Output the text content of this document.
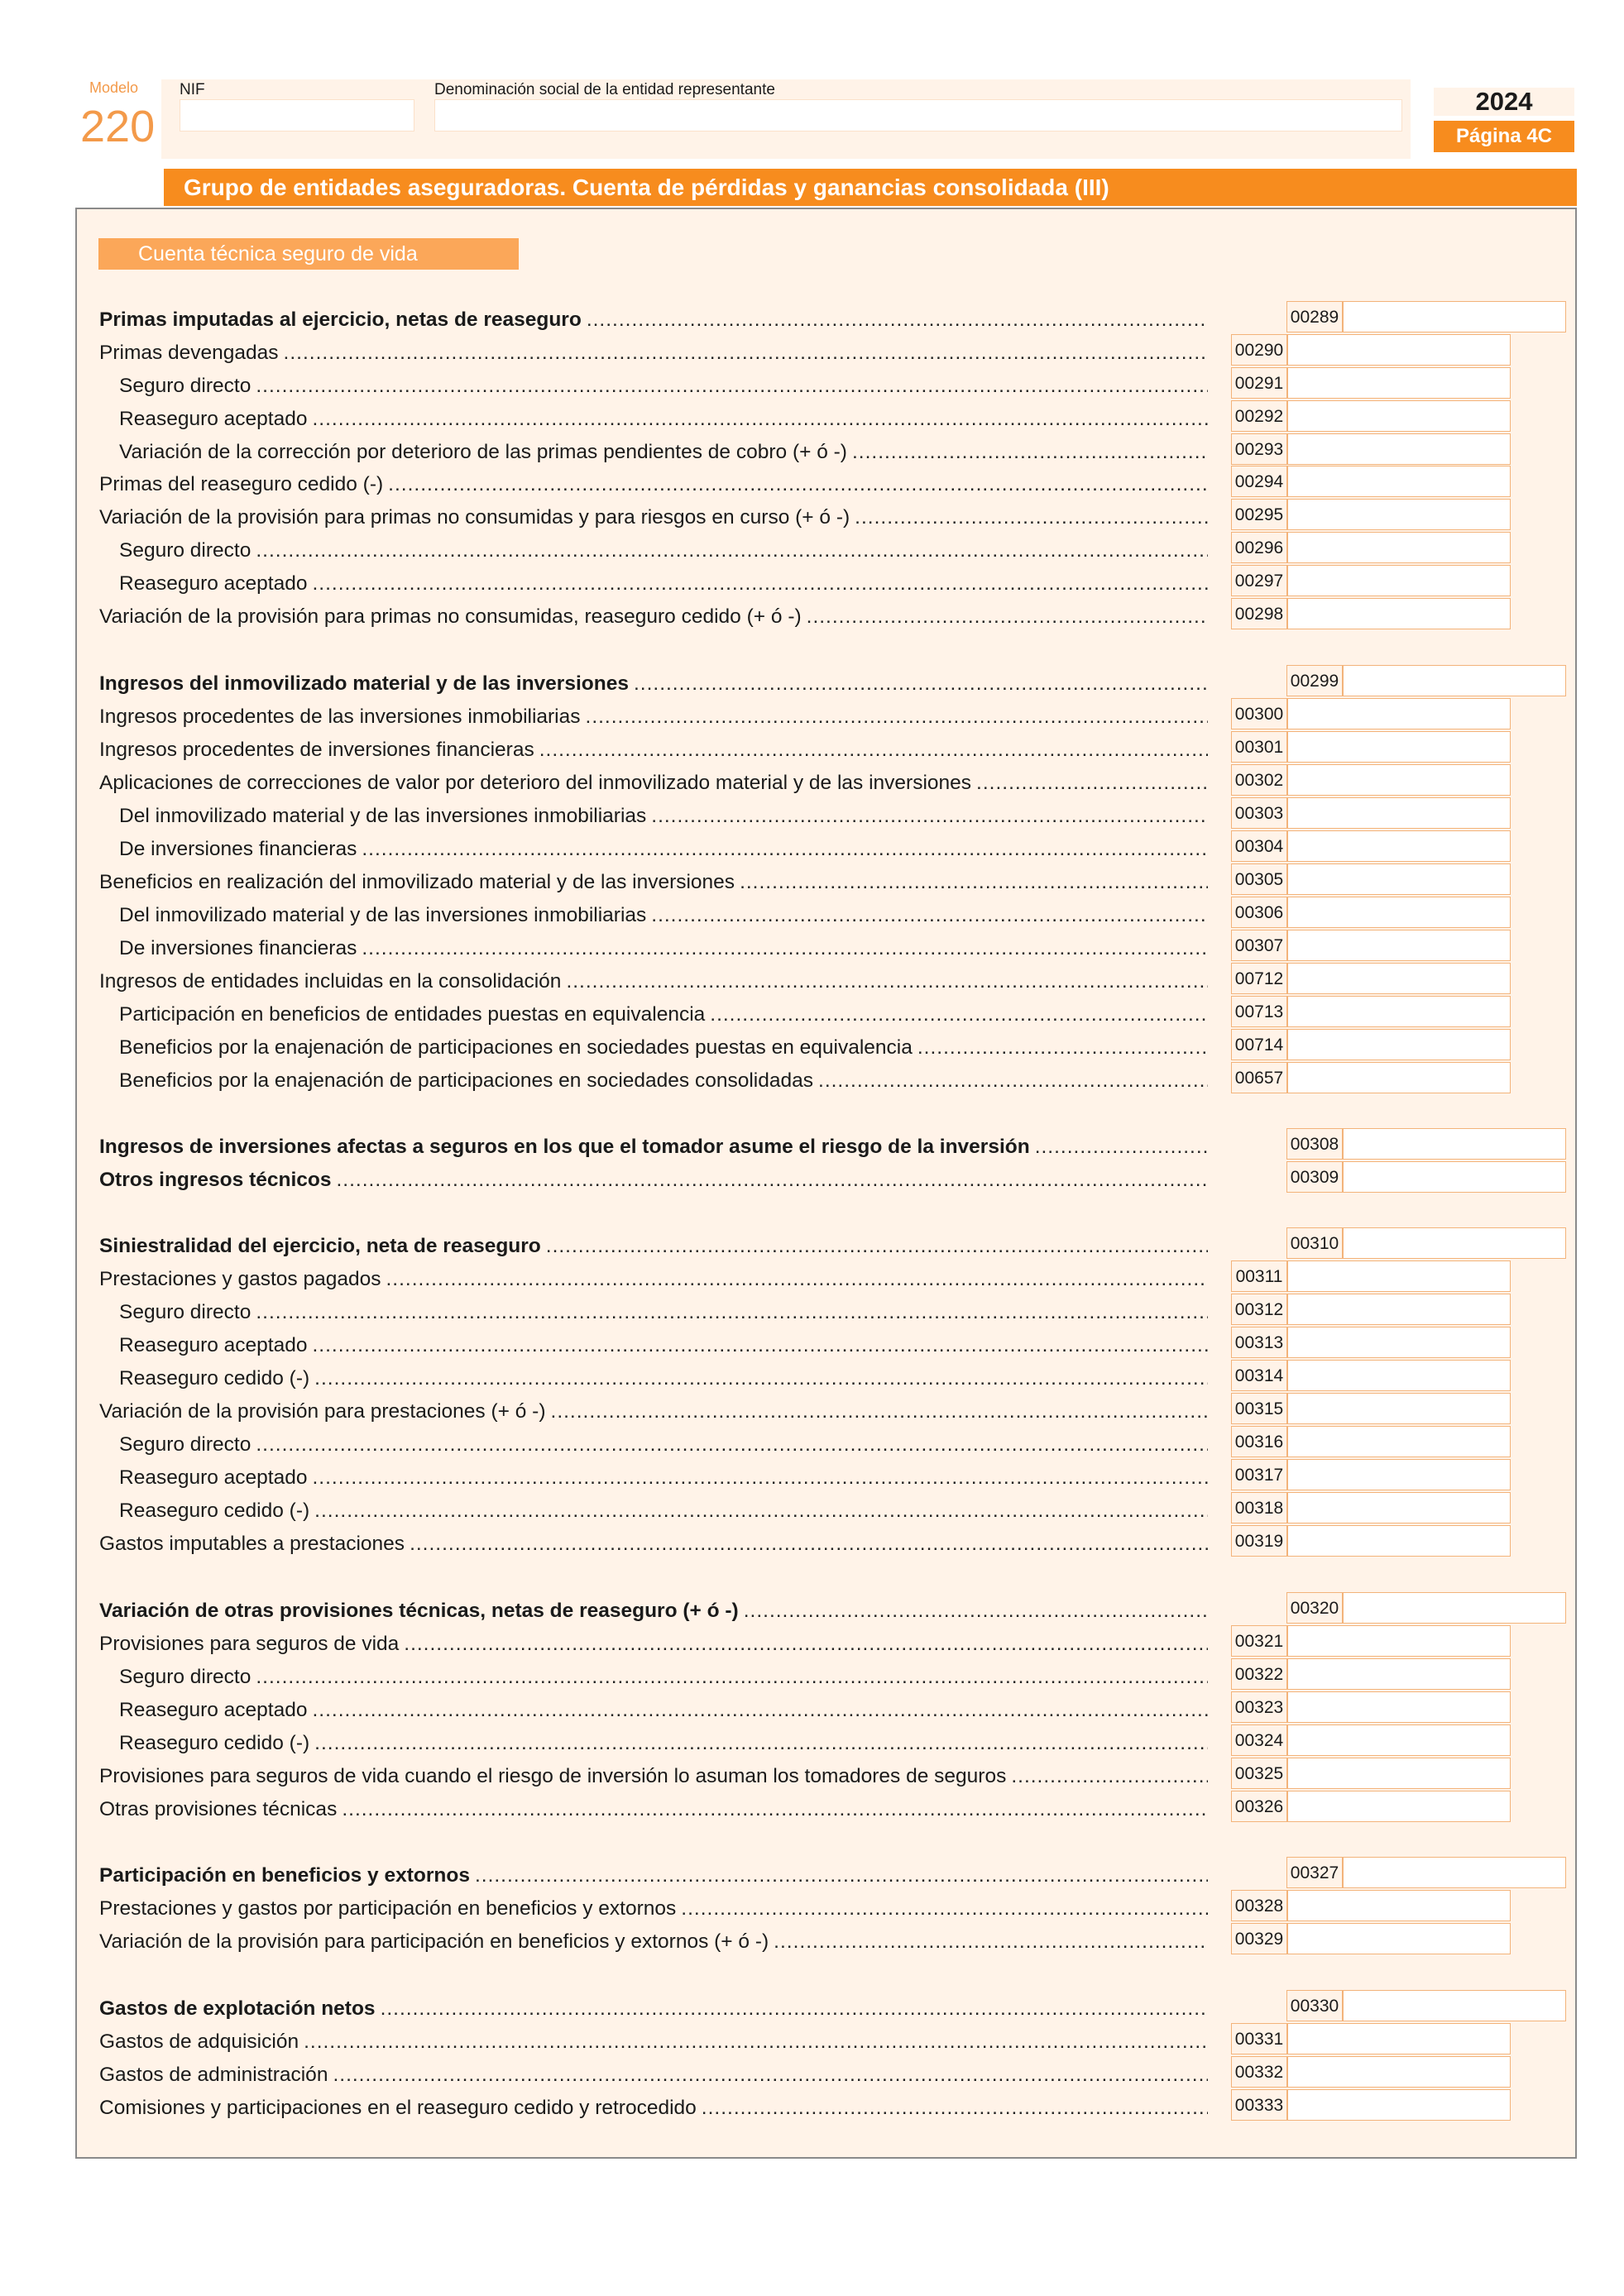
Modelo
220
NIF	Denominación social de la entidad representante	2024
Página 4C
Grupo de entidades aseguradoras. Cuenta de pérdidas y ganancias consolidada (III)
Cuenta técnica seguro de vida
Primas imputadas al ejercicio, netas de reaseguro .....	00289
Primas devengadas .....	00290
Seguro directo .....	00291
Reaseguro aceptado .....	00292
Variación de la corrección por deterioro de las primas pendientes de cobro (+ ó -) .....	00293
Primas del reaseguro cedido (-) .....	00294
Variación de la provisión para primas no consumidas y para riesgos en curso (+ ó -) .....	00295
Seguro directo .....	00296
Reaseguro aceptado .....	00297
Variación de la provisión para primas no consumidas, reaseguro cedido (+ ó -) .....	00298
Ingresos del inmovilizado material y de las inversiones .....	00299
Ingresos procedentes de las inversiones inmobiliarias .....	00300
Ingresos procedentes de inversiones financieras .....	00301
Aplicaciones de correcciones de valor por deterioro del inmovilizado material y de las inversiones .....	00302
Del inmovilizado material y de las inversiones inmobiliarias .....	00303
De inversiones financieras .....	00304
Beneficios en realización del inmovilizado material y de las inversiones .....	00305
Del inmovilizado material y de las inversiones inmobiliarias .....	00306
De inversiones financieras .....	00307
Ingresos de entidades incluidas en la consolidación .....	00712
Participación en beneficios de entidades puestas en equivalencia .....	00713
Beneficios por la enajenación de participaciones en sociedades puestas en equivalencia .....	00714
Beneficios por la enajenación de participaciones en sociedades consolidadas .....	00657
Ingresos de inversiones afectas a seguros en los que el tomador asume el riesgo de la inversión .....	00308
Otros ingresos técnicos .....	00309
Siniestralidad del ejercicio, neta de reaseguro .....	00310
Prestaciones y gastos pagados .....	00311
Seguro directo .....	00312
Reaseguro aceptado .....	00313
Reaseguro cedido (-) .....	00314
Variación de la provisión para prestaciones (+ ó -) .....	00315
Seguro directo .....	00316
Reaseguro aceptado .....	00317
Reaseguro cedido (-) .....	00318
Gastos imputables a prestaciones .....	00319
Variación de otras provisiones técnicas, netas de reaseguro (+ ó -) .....	00320
Provisiones para seguros de vida .....	00321
Seguro directo .....	00322
Reaseguro aceptado .....	00323
Reaseguro cedido (-) .....	00324
Provisiones para seguros de vida cuando el riesgo de inversión lo asuman los tomadores de seguros .....	00325
Otras provisiones técnicas .....	00326
Participación en beneficios y extornos .....	00327
Prestaciones y gastos por participación en beneficios y extornos .....	00328
Variación de la provisión para participación en beneficios y extornos (+ ó -) .....	00329
Gastos de explotación netos .....	00330
Gastos de adquisición .....	00331
Gastos de administración .....	00332
Comisiones y participaciones en el reaseguro cedido y retrocedido .....	00333
